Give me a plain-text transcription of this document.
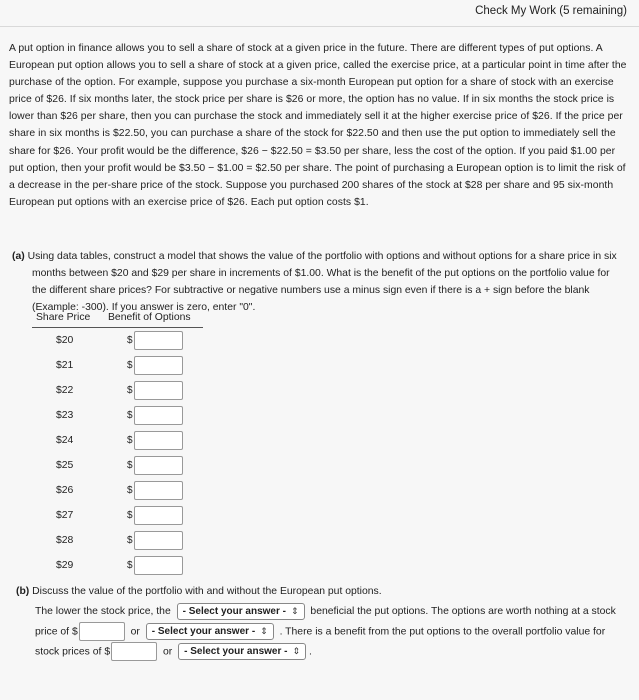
Check My Work (5 remaining)
A put option in finance allows you to sell a share of stock at a given price in the future. There are different types of put options. A European put option allows you to sell a share of stock at a given price, called the exercise price, at a particular point in time after the purchase of the option. For example, suppose you purchase a six-month European put option for a share of stock with an exercise price of $26. If six months later, the stock price per share is $26 or more, the option has no value. If in six months the stock price is lower than $26 per share, then you can purchase the stock and immediately sell it at the higher exercise price of $26. If the price per share in six months is $22.50, you can purchase a share of the stock for $22.50 and then use the put option to immediately sell the share for $26. Your profit would be the difference, $26 − $22.50 = $3.50 per share, less the cost of the option. If you paid $1.00 per put option, then your profit would be $3.50 − $1.00 = $2.50 per share. The point of purchasing a European option is to limit the risk of a decrease in the per-share price of the stock. Suppose you purchased 200 shares of the stock at $28 per share and 95 six-month European put options with an exercise price of $26. Each put option costs $1.
(a) Using data tables, construct a model that shows the value of the portfolio with options and without options for a share price in six months between $20 and $29 per share in increments of $1.00. What is the benefit of the put options on the portfolio value for the different share prices? For subtractive or negative numbers use a minus sign even if there is a + sign before the blank (Example: -300). If you answer is zero, enter "0".
Share Price	Benefit of Options
$20	$
$21	$
$22	$
$23	$
$24	$
$25	$
$26	$
$27	$
$28	$
$29	$
(b) Discuss the value of the portfolio with and without the European put options.
The lower the stock price, the - Select your answer - ⇕ beneficial the put options. The options are worth nothing at a stock price of $	or - Select your answer - ⇕ . There is a benefit from the put options to the overall portfolio value for stock prices of $	or - Select your answer - ⇕ .
